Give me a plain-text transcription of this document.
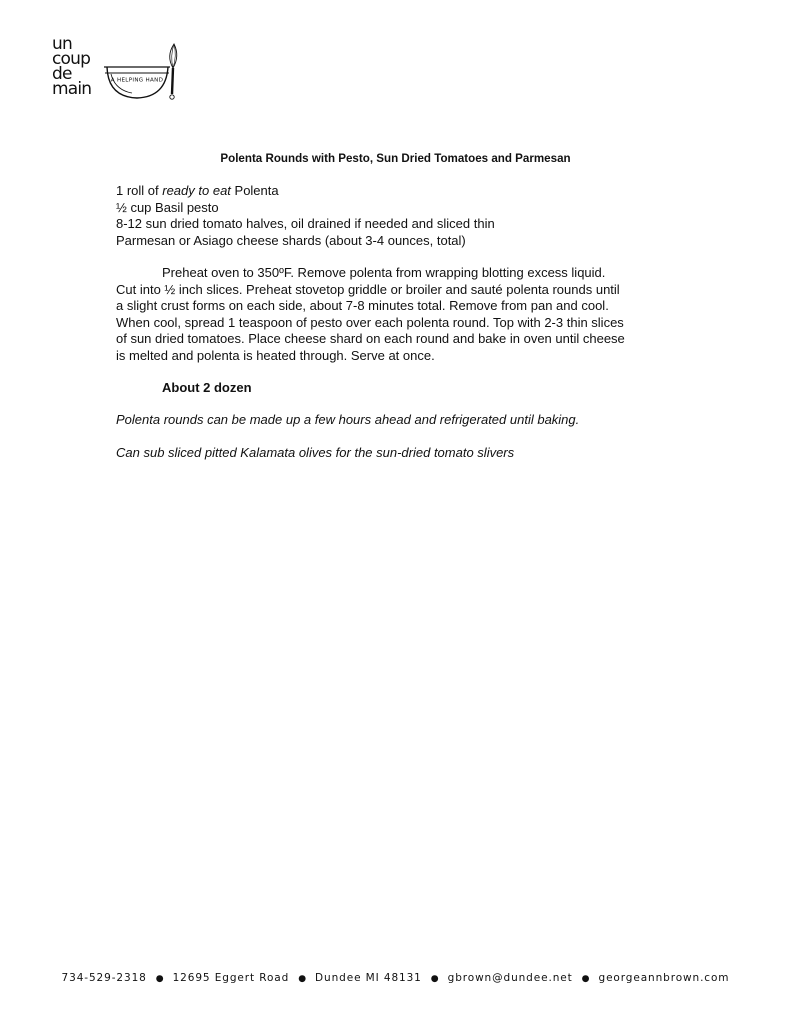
un
coup
de
main	A HELPING HAND
Polenta Rounds with Pesto, Sun Dried Tomatoes and Parmesan
1 roll of ready to eat Polenta
½ cup Basil pesto
8-12 sun dried tomato halves, oil drained if needed and sliced thin
Parmesan or Asiago cheese shards (about 3-4 ounces, total)
Preheat oven to 350ºF. Remove polenta from wrapping blotting excess liquid.
Cut into ½ inch slices. Preheat stovetop griddle or broiler and sauté polenta rounds until
a slight crust forms on each side, about 7-8 minutes total. Remove from pan and cool.
When cool, spread 1 teaspoon of pesto over each polenta round. Top with 2-3 thin slices
of sun dried tomatoes. Place cheese shard on each round and bake in oven until cheese
is melted and polenta is heated through. Serve at once.
About 2 dozen
Polenta rounds can be made up a few hours ahead and refrigerated until baking.
Can sub sliced pitted Kalamata olives for the sun-dried tomato slivers
734-529-2318 ● 12695 Eggert Road ● Dundee MI 48131 ● gbrown@dundee.net ● georgeannbrown.com
